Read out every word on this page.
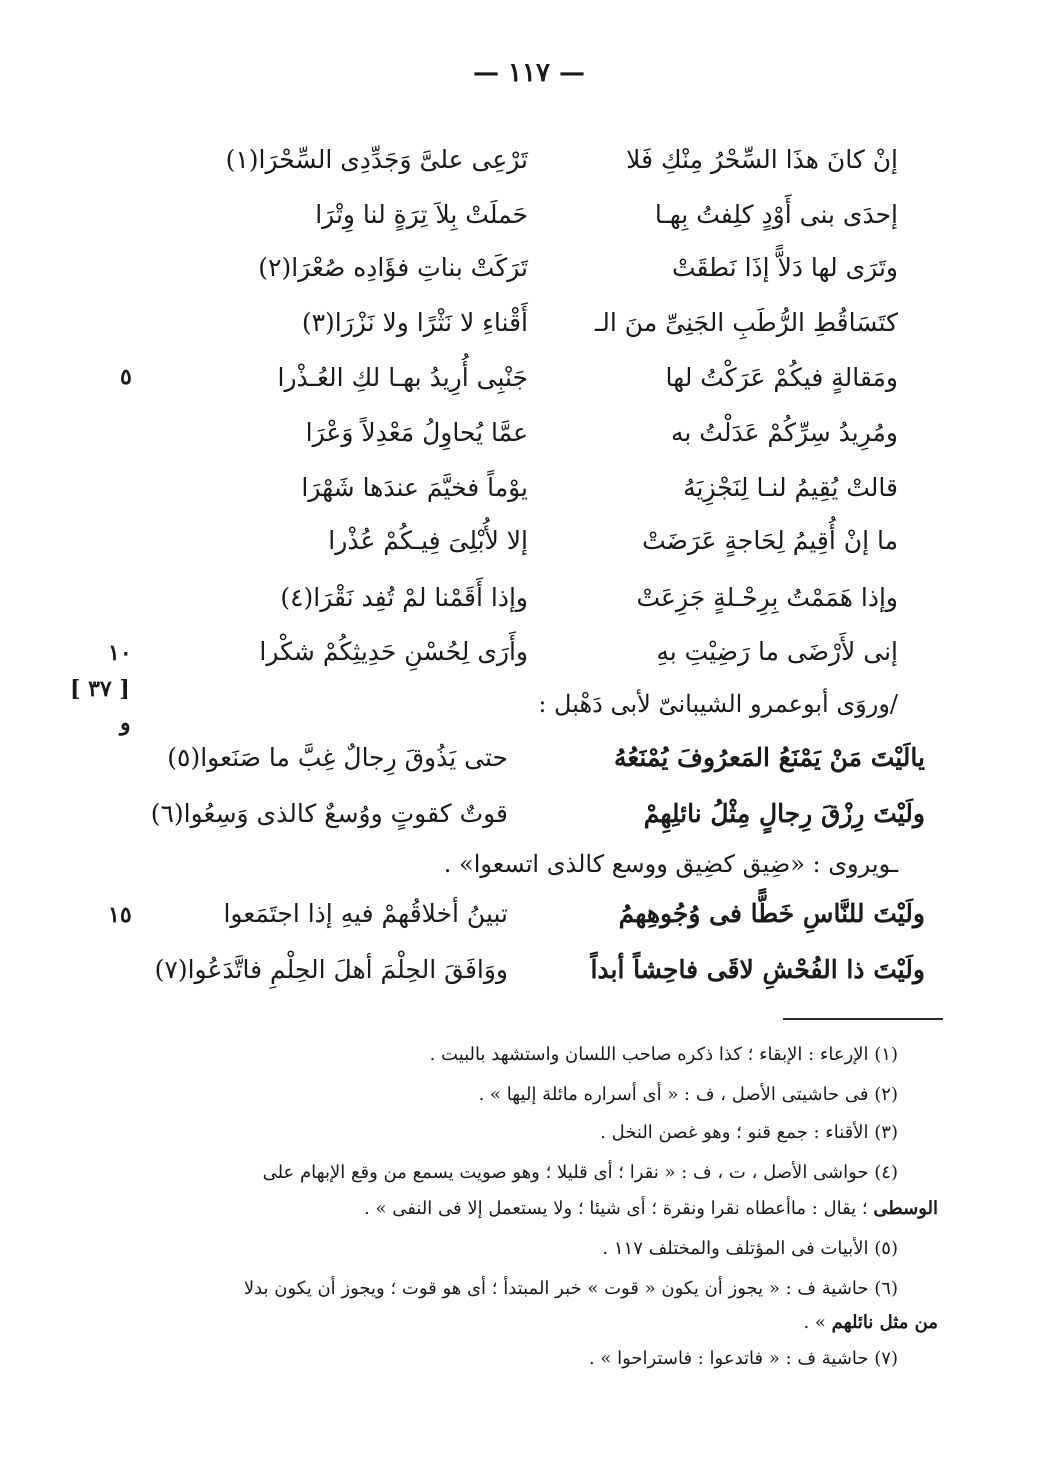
— ١١٧ —
إنْ كانَ هذَا السِّحْرُ مِنْكِ فَلا
تَرْعِى علىَّ وَجَدِّدِى السِّحْرَا(١)
إحدَى بنى أَوْدٍ كلِفتُ بِهـا
حَملَتْ بِلاَ تِرَةٍ لنا وِتْرَا
وتَرَى لها دَلاًّ إذَا نَطقَتْ
تَرَكَتْ بناتِ فؤَادِه صُعْرَا(٢)
كتَسَاقُطِ الرُّطَبِ الجَنِىِّ منَ الـ
أَقْناءِ لا نَثْرًا ولا نَزْرَا(٣)
ومَقالةٍ فيكُمْ عَرَكْتُ لها
جَنْبِى أُرِيدُ بهـا لكِ العُـذْرا
ومُرِيدُ سِرِّكُمْ عَدَلْتُ به
عمَّا يُحاوِلُ مَعْدِلاً وَعْرَا
قالتْ يُقِيمُ لنـا لِنَجْزِيَهُ
يوْماً فخيَّمَ عندَها شَهْرَا
ما إنْ أُقِيمُ لِحَاجةٍ عَرَضَتْ
إلا لأُبْلِىَ فِيـكُمْ عُذْرا
وإذا هَمَمْتُ بِرِحْـلةٍ جَزِعَتْ
وإذا أَقَمْنا لمْ تُفِد نَقْرَا(٤)
إنى لأَرْضَى ما رَضِيْتِ بهِ
وأَرَى لِحُسْنِ حَدِيثِكُمْ شكْرا
/وروَى أبوعمرو الشيبانىّ لأبى دَهْبل :
يالَيْتَ مَنْ يَمْنَعُ المَعرُوفَ يُمْنَعُهُ
حتى يَذُوقَ رِجالٌ غِبَّ ما صَنَعوا(٥)
ولَيْتَ رِزْقَ رِجالٍ مِثْلُ نائلِهِمْ
قوتٌ كقوتٍ ووُسعٌ كالذى وَسِعُوا(٦)
ـويروى : «ضِيق كضِيق ووسع كالذى اتسعوا» .
ولَيْتَ للنَّاسِ خَطًّا فى وُجُوهِهمُ
تبينُ أخلاقُهمْ فيهِ إذا اجتَمَعوا
ولَيْتَ ذا الفُحْشِ لاقَى فاحِشاً أبداً
ووَافَقَ الحِلْمَ أهلَ الحِلْمِ فاتَّدَعُوا(٧)
٥
١٠
[ ٣٧ ]
و
١٥
(١) الإرعاء : الإبقاء ؛ كذا ذكره صاحب اللسان واستشهد بالبيت .
(٢) فى حاشيتى الأصل ، ف : « أى أسراره مائلة إليها » .
(٣) الأقناء : جمع قنو ؛ وهو غصن النخل .
(٤) حواشى الأصل ، ت ، ف : « نقرا ؛ أى قليلا ؛ وهو صويت يسمع من وقع الإبهام على
الوسطى ؛ يقال : ماأعطاه نقرا ونقرة ؛ أى شيئا ؛ ولا يستعمل إلا فى النفى » .
(٥) الأبيات فى المؤتلف والمختلف ١١٧ .
(٦) حاشية ف : « يجوز أن يكون « قوت » خبر المبتدأ ؛ أى هو قوت ؛ ويجوز أن يكون بدلا
من مثل نائلهم » .
(٧) حاشية ف : « فاتدعوا : فاستراحوا » .
